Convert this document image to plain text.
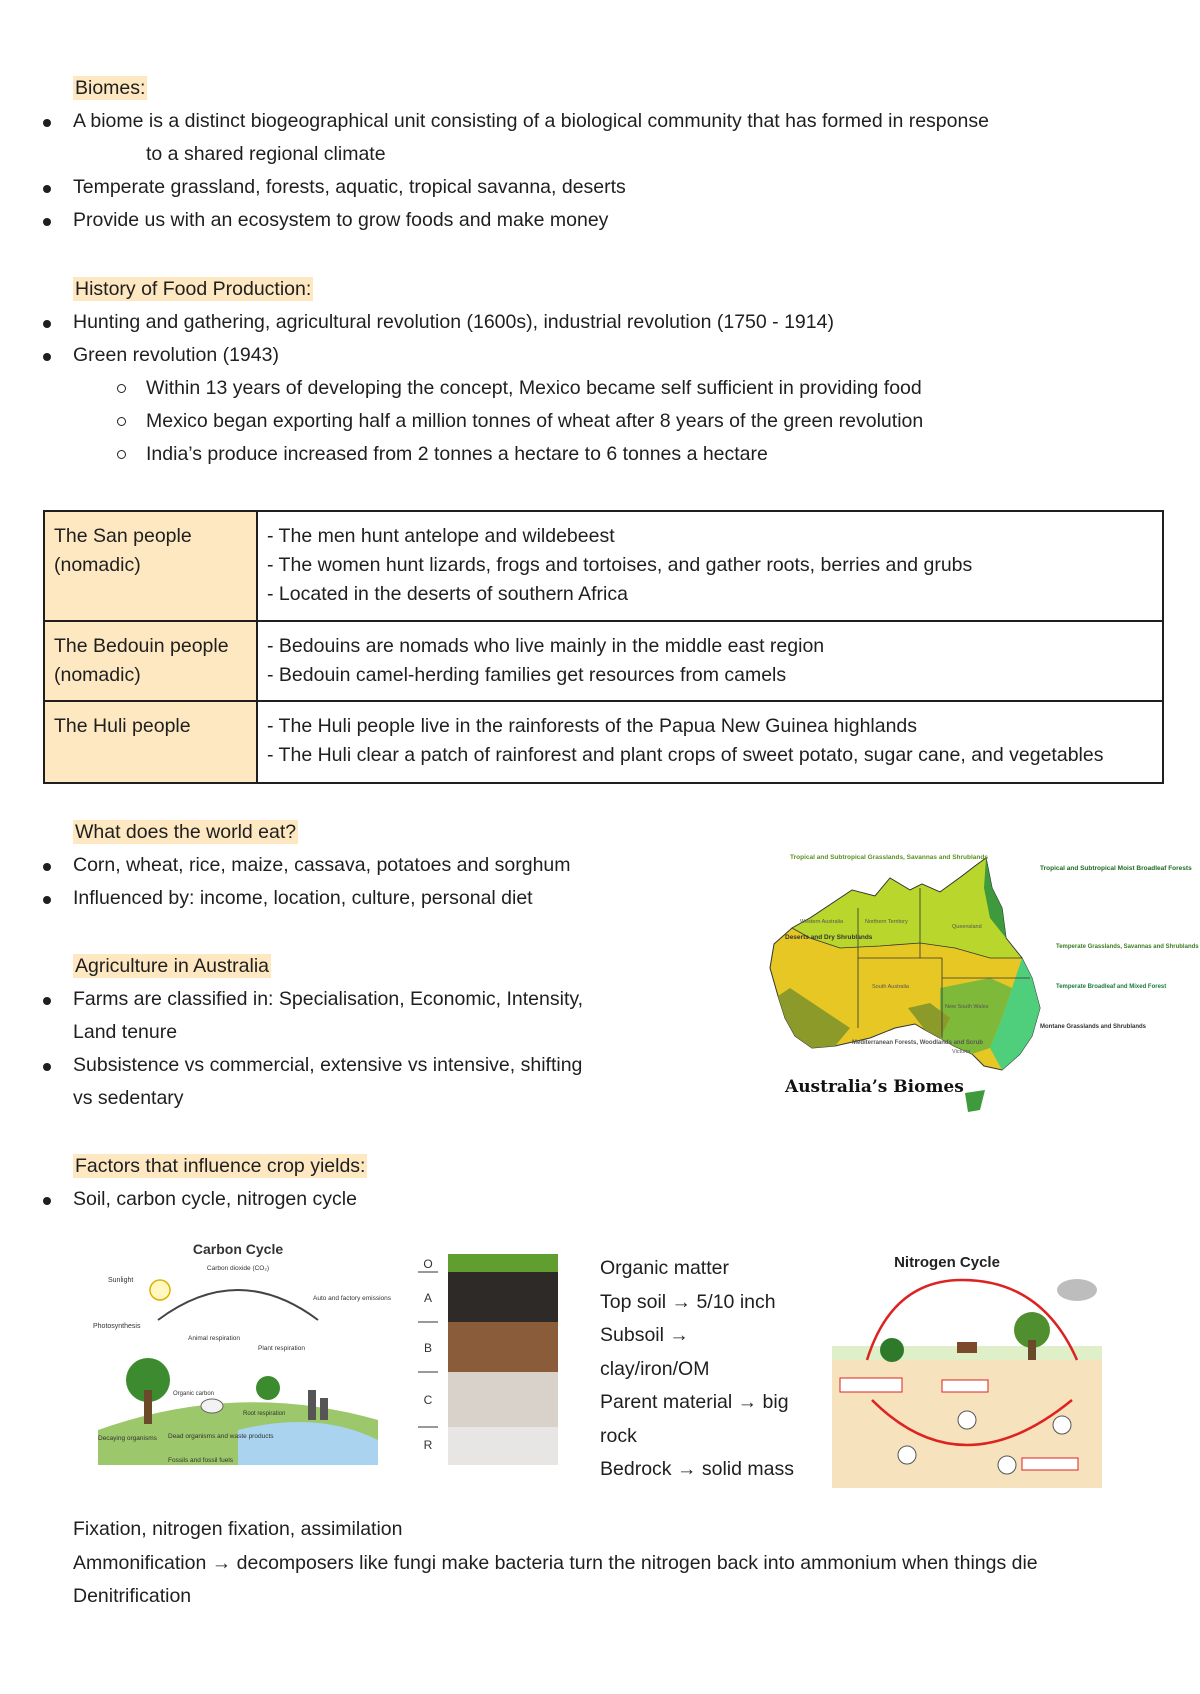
Biomes:
A biome is a distinct biogeographical unit consisting of a biological community that has formed in response
to a shared regional climate
Temperate grassland, forests, aquatic, tropical savanna, deserts
Provide us with an ecosystem to grow foods and make money
History of Food Production:
Hunting and gathering, agricultural revolution (1600s), industrial revolution (1750 - 1914)
Green revolution (1943)
Within 13 years of developing the concept, Mexico became self sufficient in providing food
Mexico began exporting half a million tonnes of wheat after 8 years of the green revolution
India’s produce increased from 2 tonnes a hectare to 6 tonnes a hectare
The San people
(nomadic)	- The men hunt antelope and wildebeest
- The women hunt lizards, frogs and tortoises, and gather roots, berries and grubs
- Located in the deserts of southern Africa

The Bedouin people
(nomadic)	- Bedouins are nomads who live mainly in the middle east region
- Bedouin camel-herding families get resources from camels

The Huli people	- The Huli people live in the rainforests of the Papua New Guinea highlands
- The Huli clear a patch of rainforest and plant crops of sweet potato, sugar cane, and vegetables
What does the world eat?
Corn, wheat, rice, maize, cassava, potatoes and sorghum
Influenced by: income, location, culture, personal diet
Agriculture in Australia
Farms are classified in: Specialisation, Economic, Intensity,
Land tenure
Subsistence vs commercial, extensive vs intensive, shifting
vs sedentary
Tropical and Subtropical Grasslands, Savannas and Shrublands
Tropical and Subtropical Moist Broadleaf Forests
Deserts and Dry Shrublands
Temperate Grasslands, Savannas and Shrublands
Temperate Broadleaf and Mixed Forest
Mediterranean Forests, Woodlands and Scrub
Montane Grasslands and Shrublands
Western Australia	Northern Territory
Queensland
South Australia
New South Wales
Victoria
Australia’s Biomes
Factors that influence crop yields:
Soil, carbon cycle, nitrogen cycle
Carbon Cycle
Sunlight
Carbon dioxide (CO₂)
Auto and factory emissions
Photosynthesis
Animal respiration
Plant respiration
Organic carbon
Root respiration
Decaying organisms Dead organisms and waste products
Fossils and fossil fuels
O
A
B
C
R
Organic matter
Top soil → 5/10 inch
Subsoil →
clay/iron/OM
Parent material → big
rock
Bedrock → solid mass
Nitrogen Cycle
Fixation, nitrogen fixation, assimilation
Ammonification → decomposers like fungi make bacteria turn the nitrogen back into ammonium when things die
Denitrification
